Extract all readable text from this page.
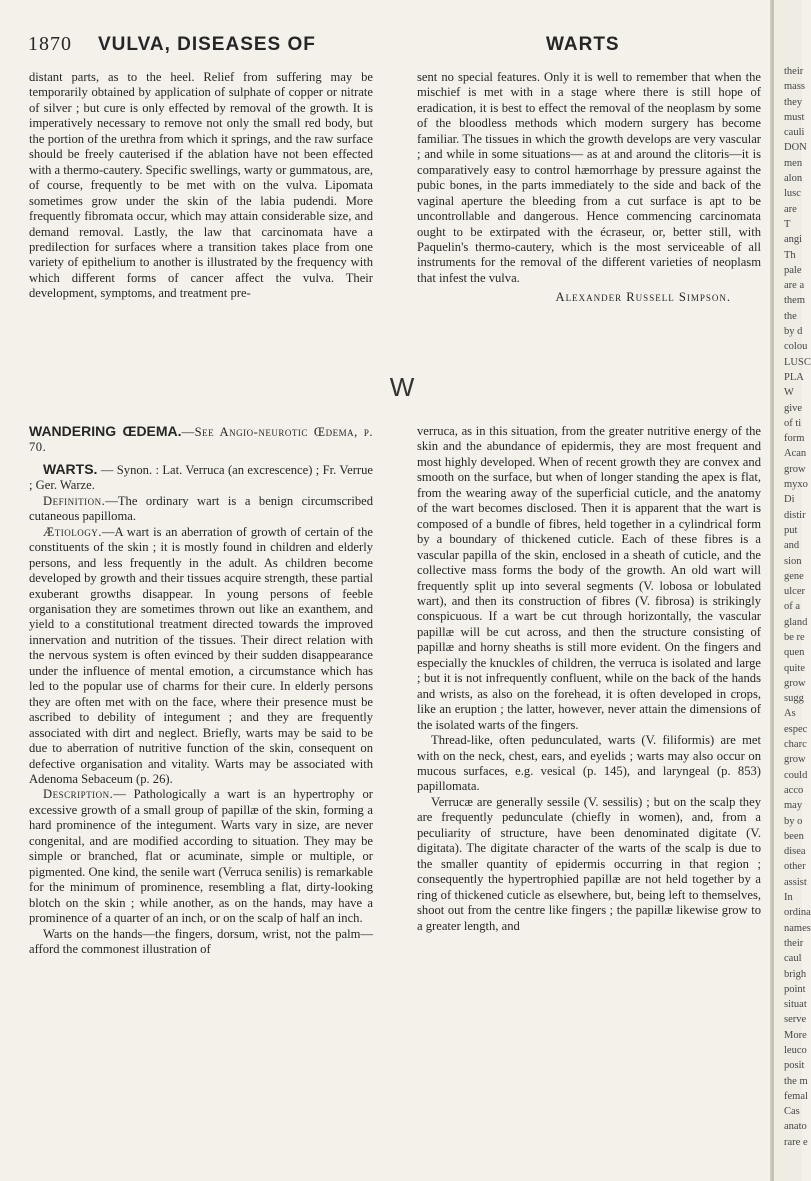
1870 VULVA, DISEASES OF	WARTS

distant parts, as to the heel. Relief from suffering may be temporarily obtained by application of sulphate of copper or nitrate of silver ; but cure is only effected by removal of the growth. It is imperatively necessary to remove not only the small red body, but the portion of the urethra from which it springs, and the raw surface should be freely cauterised if the ablation have not been effected with a thermo-cautery. Specific swellings, warty or gummatous, are, of course, frequently to be met with on the vulva. Lipomata sometimes grow under the skin of the labia pudendi. More frequently fibromata occur, which may attain considerable size, and demand removal. Lastly, the law that carcinomata have a predilection for surfaces where a transition takes place from one variety of epithelium to another is illustrated by the frequency with which different forms of cancer affect the vulva. Their development, symptoms, and treatment pre-

sent no special features. Only it is well to remember that when the mischief is met with in a stage where there is still hope of eradication, it is best to effect the removal of the neoplasm by some of the bloodless methods which modern surgery has become familiar. The tissues in which the growth develops are very vascular ; and while in some situations— as at and around the clitoris—it is comparatively easy to control hæmorrhage by pressure against the pubic bones, in the parts immediately to the side and back of the vaginal aperture the bleeding from a cut surface is apt to be uncontrollable and dangerous. Hence commencing carcinomata ought to be extirpated with the écraseur, or, better still, with Paquelin's thermo-cautery, which is the most serviceable of all instruments for the removal of the different varieties of neoplasm that infest the vulva.

Alexander Russell Simpson.
W

WANDERING ŒDEMA.—See Angio-neurotic Œdema, p. 70.

WARTS. — Synon. : Lat. Verruca (an excrescence) ; Fr. Verrue ; Ger. Warze.

Definition.—The ordinary wart is a benign circumscribed cutaneous papilloma.

Ætiology.—A wart is an aberration of growth of certain of the constituents of the skin ; it is mostly found in children and elderly persons, and less frequently in the adult. As children become developed by growth and their tissues acquire strength, these partial exuberant growths disappear. In young persons of feeble organisation they are sometimes thrown out like an exanthem, and yield to a constitutional treatment directed towards the improved innervation and nutrition of the tissues. Their direct relation with the nervous system is often evinced by their sudden disappearance under the influence of mental emotion, a circumstance which has led to the popular use of charms for their cure. In elderly persons they are often met with on the face, where their presence must be ascribed to debility of integument ; and they are frequently associated with dirt and neglect. Briefly, warts may be said to be due to aberration of nutritive function of the skin, consequent on defective organisation and vitality. Warts may be associated with Adenoma Sebaceum (p. 26).

Description.— Pathologically a wart is an hypertrophy or excessive growth of a small group of papillæ of the skin, forming a hard prominence of the integument. Warts vary in size, are never congenital, and are modified according to situation. They may be simple or branched, flat or acuminate, simple or multiple, or pigmented. One kind, the senile wart (Verruca senilis) is remarkable for the minimum of prominence, resembling a flat, dirty-looking blotch on the skin ; while another, as on the hands, may have a prominence of a quarter of an inch, or on the scalp of half an inch.

Warts on the hands—the fingers, dorsum, wrist, not the palm—afford the commonest illustration of

verruca, as in this situation, from the greater nutritive energy of the skin and the abundance of epidermis, they are most frequent and most highly developed. When of recent growth they are convex and smooth on the surface, but when of longer standing the apex is flat, from the wearing away of the superficial cuticle, and the anatomy of the wart becomes disclosed. Then it is apparent that the wart is composed of a bundle of fibres, held together in a cylindrical form by a boundary of thickened cuticle. Each of these fibres is a vascular papilla of the skin, enclosed in a sheath of cuticle, and the collective mass forms the body of the growth. An old wart will frequently split up into several segments (V. lobosa or lobulated wart), and then its construction of fibres (V. fibrosa) is strikingly conspicuous. If a wart be cut through horizontally, the vascular papillæ will be cut across, and then the structure consisting of papillæ and horny sheaths is still more evident. On the fingers and especially the knuckles of children, the verruca is isolated and large ; but it is not infrequently confluent, while on the back of the hands and wrists, as also on the forehead, it is often developed in crops, like an eruption ; the latter, however, never attain the dimensions of the isolated warts of the fingers.

Thread-like, often pedunculated, warts (V. filiformis) are met with on the neck, chest, ears, and eyelids ; warts may also occur on mucous surfaces, e.g. vesical (p. 145), and laryngeal (p. 853) papillomata.

Verrucæ are generally sessile (V. sessilis) ; but on the scalp they are frequently pedunculate (chiefly in women), and, from a peculiarity of structure, have been denominated digitate (V. digitata). The digitate character of the warts of the scalp is due to the smaller quantity of epidermis occurring in that region ; consequently the hypertrophied papillæ are not held together by a ring of thickened cuticle as elsewhere, but, being left to themselves, shoot out from the centre like fingers ; the papillæ likewise grow to a greater length, and

their
mass
they
must
cauli
DON
men
alon
lusc
are
T
angi
Th
pale
are a
them
the
by d
colou
LUSC
PLA
W
give
of ti
form
Acan
grow
myxo
Di
distir
put
and
sion
gene
ulcer
of a
gland
be re
quen
quite
grow
sugg
As
espec
charc
grow
could
acco
may
by o
been
disea
other
assist
In
ordina
names
their
caul
brigh
point
situat
serve
More
leuco
posit
the m
femal
Cas
anato
rare e
